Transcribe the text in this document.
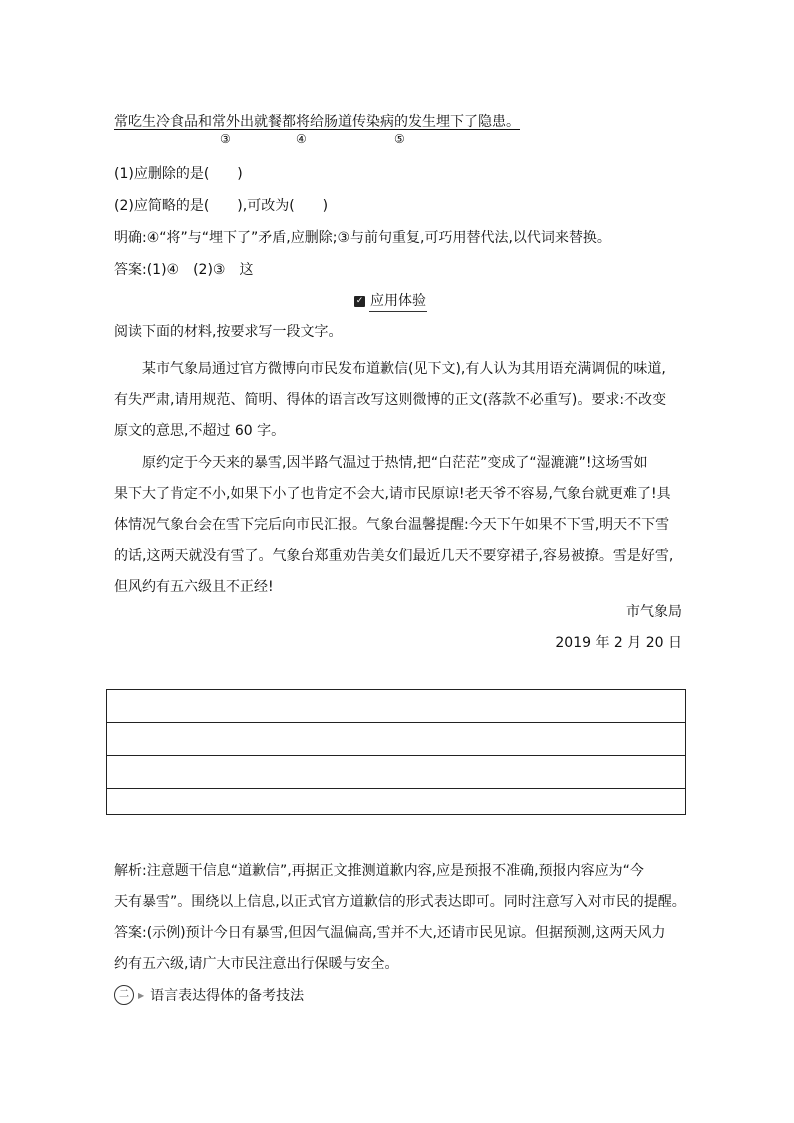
常吃生冷食品和常外出就餐都将给肠道传染病的发生埋下了隐患。
③	④	⑤
(1)应删除的是(　　)
(2)应简略的是(　　),可改为(　　)
明确:④“将”与“埋下了”矛盾,应删除;③与前句重复,可巧用替代法,以代词来替换。
答案:(1)④　(2)③　这
✓ 应用体验
阅读下面的材料,按要求写一段文字。
某市气象局通过官方微博向市民发布道歉信(见下文),有人认为其用语充满调侃的味道,
有失严肃,请用规范、简明、得体的语言改写这则微博的正文(落款不必重写)。要求:不改变
原文的意思,不超过 60 字。
原约定于今天来的暴雪,因半路气温过于热情,把“白茫茫”变成了“湿漉漉”!这场雪如
果下大了肯定不小,如果下小了也肯定不会大,请市民原谅!老天爷不容易,气象台就更难了!具
体情况气象台会在雪下完后向市民汇报。气象台温馨提醒:今天下午如果不下雪,明天不下雪
的话,这两天就没有雪了。气象台郑重劝告美女们最近几天不要穿裙子,容易被撩。雪是好雪,
但风约有五六级且不正经!
市气象局
2019 年 2 月 20 日
解析:注意题干信息“道歉信”,再据正文推测道歉内容,应是预报不准确,预报内容应为“今
天有暴雪”。围绕以上信息,以正式官方道歉信的形式表达即可。同时注意写入对市民的提醒。
答案:(示例)预计今日有暴雪,但因气温偏高,雪并不大,还请市民见谅。但据预测,这两天风力
约有五六级,请广大市民注意出行保暖与安全。
二	▶ 语言表达得体的备考技法
